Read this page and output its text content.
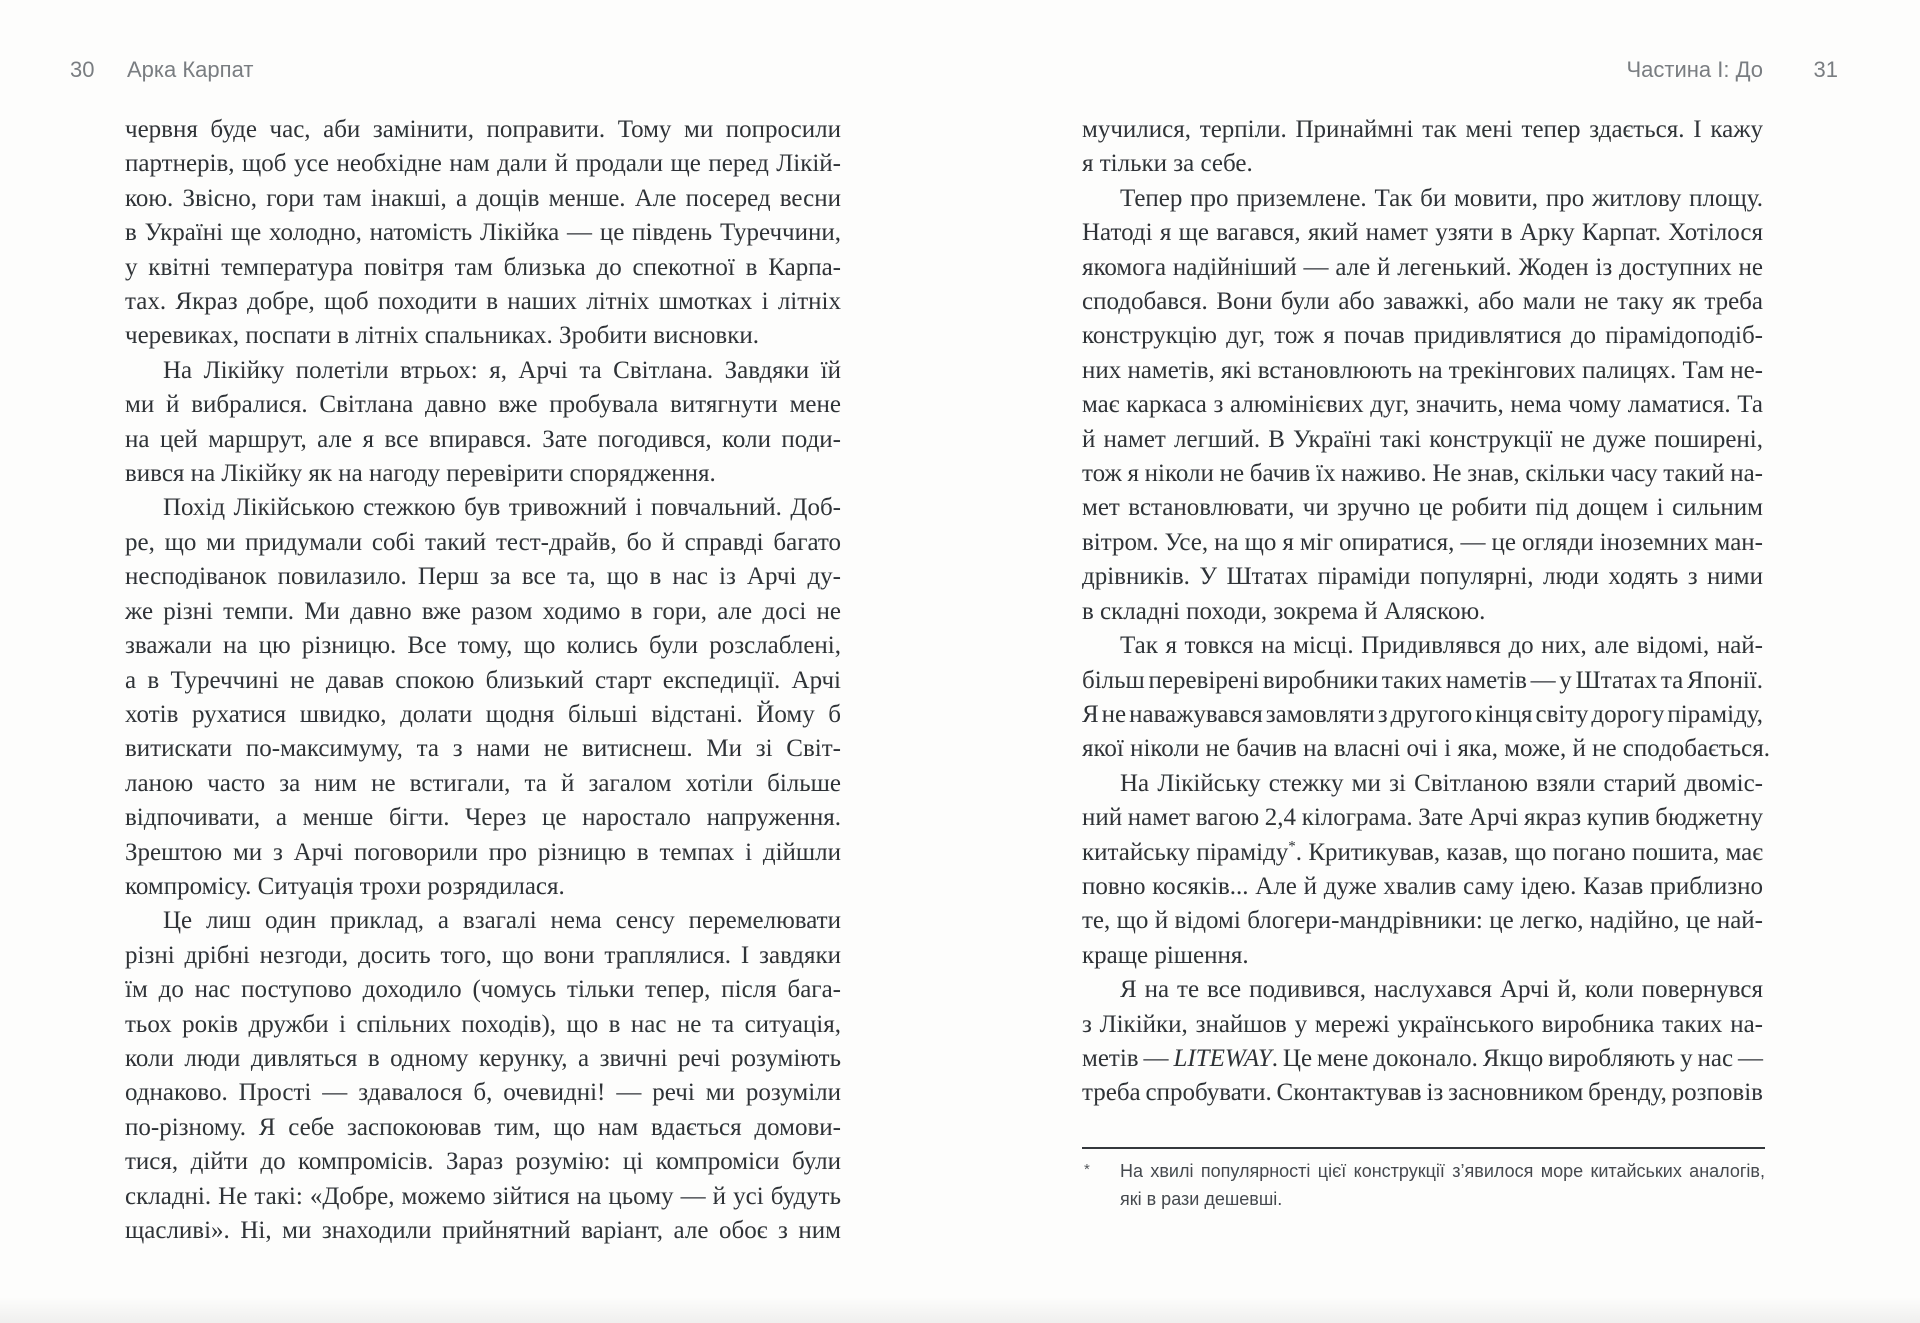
30 Арка Карпат	Частина І: До 31
червня буде час, аби замінити, поправити. Тому ми попросили
партнерів, щоб усе необхідне нам дали й продали ще перед Лікій-
кою. Звісно, гори там інакші, а дощів менше. Але посеред весни
в Україні ще холодно, натомість Лікійка — це південь Туреччини,
у квітні температура повітря там близька до спекотної в Карпа-
тах. Якраз добре, щоб походити в наших літніх шмотках і літніх
черевиках, поспати в літніх спальниках. Зробити висновки.
На Лікійку полетіли втрьох: я, Арчі та Світлана. Завдяки їй
ми й вибралися. Світлана давно вже пробувала витягнути мене
на цей маршрут, але я все впирався. Зате погодився, коли поди-
вився на Лікійку як на нагоду перевірити спорядження.
Похід Лікійською стежкою був тривожний і повчальний. Доб-
ре, що ми придумали собі такий тест-драйв, бо й справді багато
несподіванок повилазило. Перш за все та, що в нас із Арчі ду-
же різні темпи. Ми давно вже разом ходимо в гори, але досі не
зважали на цю різницю. Все тому, що колись були розслаблені,
а в Туреччині не давав спокою близький старт експедиції. Арчі
хотів рухатися швидко, долати щодня більші відстані. Йому б
витискати по-максимуму, та з нами не витиснеш. Ми зі Світ-
ланою часто за ним не встигали, та й загалом хотіли більше
відпочивати, а менше бігти. Через це наростало напруження.
Зрештою ми з Арчі поговорили про різницю в темпах і дійшли
компромісу. Ситуація трохи розрядилася.
Це лиш один приклад, а взагалі нема сенсу перемелювати
різні дрібні незгоди, досить того, що вони траплялися. І завдяки
їм до нас поступово доходило (чомусь тільки тепер, після бага-
тьох років дружби і спільних походів), що в нас не та ситуація,
коли люди дивляться в одному керунку, а звичні речі розуміють
однаково. Прості — здавалося б, очевидні! — речі ми розуміли
по-різному. Я себе заспокоював тим, що нам вдається домови-
тися, дійти до компромісів. Зараз розумію: ці компроміси були
складні. Не такі: «Добре, можемо зійтися на цьому — й усі будуть
щасливі». Ні, ми знаходили прийнятний варіант, але обоє з ним
мучилися, терпіли. Принаймні так мені тепер здається. І кажу
я тільки за себе.
Тепер про приземлене. Так би мовити, про житлову площу.
Натоді я ще вагався, який намет узяти в Арку Карпат. Хотілося
якомога надійніший — але й легенький. Жоден із доступних не
сподобався. Вони були або заважкі, або мали не таку як треба
конструкцію дуг, тож я почав придивлятися до пірамідоподіб-
них наметів, які встановлюють на трекінгових палицях. Там не-
має каркаса з алюмінієвих дуг, значить, нема чому ламатися. Та
й намет легший. В Україні такі конструкції не дуже поширені,
тож я ніколи не бачив їх наживо. Не знав, скільки часу такий на-
мет встановлювати, чи зручно це робити під дощем і сильним
вітром. Усе, на що я міг опиратися, — це огляди іноземних ман-
дрівників. У Штатах піраміди популярні, люди ходять з ними
в складні походи, зокрема й Аляскою.
Так я товкся на місці. Придивлявся до них, але відомі, най-
більш перевірені виробники таких наметів — у Штатах та Японії.
Я не наважувався замовляти з другого кінця світу дорогу піраміду,
якої ніколи не бачив на власні очі і яка, може, й не сподобається.
На Лікійську стежку ми зі Світланою взяли старий двоміс-
ний намет вагою 2,4 кілограма. Зате Арчі якраз купив бюджетну
китайську піраміду*. Критикував, казав, що погано пошита, має
повно косяків... Але й дуже хвалив саму ідею. Казав приблизно
те, що й відомі блогери-мандрівники: це легко, надійно, це най-
краще рішення.
Я на те все подивився, наслухався Арчі й, коли повернувся
з Лікійки, знайшов у мережі українського виробника таких на-
метів — LITEWAY. Це мене доконало. Якщо виробляють у нас —
треба спробувати. Сконтактував із засновником бренду, розповів
* На хвилі популярності цієї конструкції з’явилося море китайських аналогів,
які в рази дешевші.
